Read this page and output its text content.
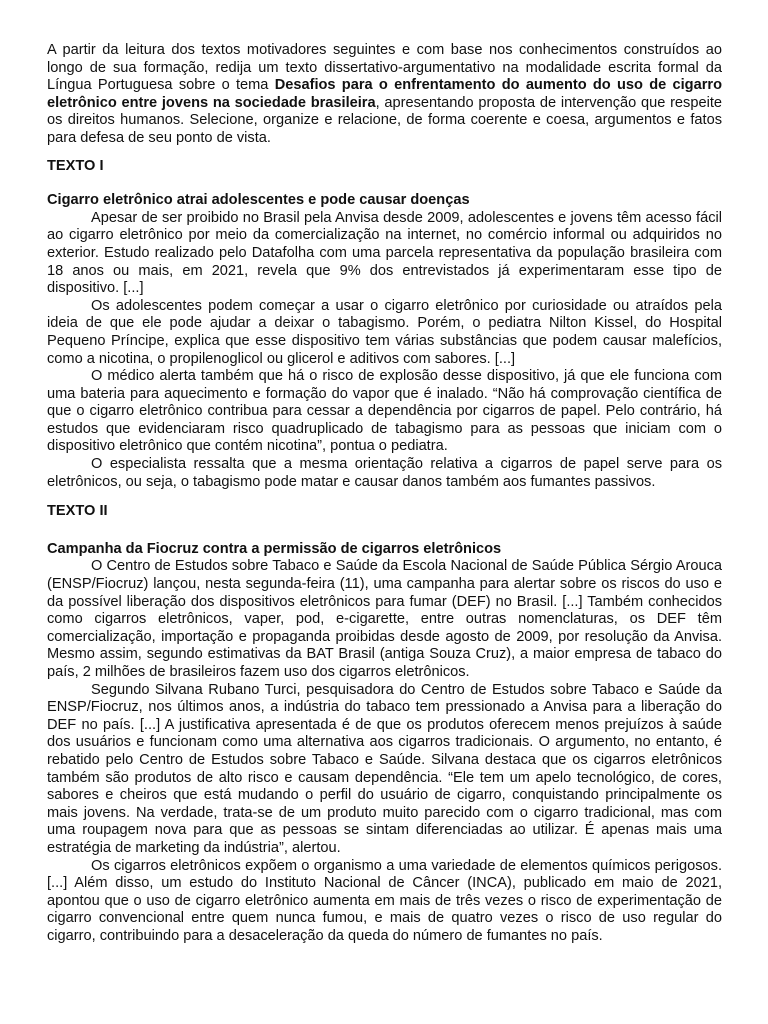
A partir da leitura dos textos motivadores seguintes e com base nos conhecimentos construídos ao longo de sua formação, redija um texto dissertativo-argumentativo na modalidade escrita formal da Língua Portuguesa sobre o tema Desafios para o enfrentamento do aumento do uso de cigarro eletrônico entre jovens na sociedade brasileira, apresentando proposta de intervenção que respeite os direitos humanos. Selecione, organize e relacione, de forma coerente e coesa, argumentos e fatos para defesa de seu ponto de vista.

TEXTO I

Cigarro eletrônico atrai adolescentes e pode causar doenças

Apesar de ser proibido no Brasil pela Anvisa desde 2009, adolescentes e jovens têm acesso fácil ao cigarro eletrônico por meio da comercialização na internet, no comércio informal ou adquiridos no exterior. Estudo realizado pelo Datafolha com uma parcela representativa da população brasileira com 18 anos ou mais, em 2021, revela que 9% dos entrevistados já experimentaram esse tipo de dispositivo. [...]

Os adolescentes podem começar a usar o cigarro eletrônico por curiosidade ou atraídos pela ideia de que ele pode ajudar a deixar o tabagismo. Porém, o pediatra Nilton Kissel, do Hospital Pequeno Príncipe, explica que esse dispositivo tem várias substâncias que podem causar malefícios, como a nicotina, o propilenoglicol ou glicerol e aditivos com sabores. [...]

O médico alerta também que há o risco de explosão desse dispositivo, já que ele funciona com uma bateria para aquecimento e formação do vapor que é inalado. “Não há comprovação científica de que o cigarro eletrônico contribua para cessar a dependência por cigarros de papel. Pelo contrário, há estudos que evidenciaram risco quadruplicado de tabagismo para as pessoas que iniciam com o dispositivo eletrônico que contém nicotina”, pontua o pediatra.

O especialista ressalta que a mesma orientação relativa a cigarros de papel serve para os eletrônicos, ou seja, o tabagismo pode matar e causar danos também aos fumantes passivos.

TEXTO II

Campanha da Fiocruz contra a permissão de cigarros eletrônicos

O Centro de Estudos sobre Tabaco e Saúde da Escola Nacional de Saúde Pública Sérgio Arouca (ENSP/Fiocruz) lançou, nesta segunda-feira (11), uma campanha para alertar sobre os riscos do uso e da possível liberação dos dispositivos eletrônicos para fumar (DEF) no Brasil. [...] Também conhecidos como cigarros eletrônicos, vaper, pod, e-cigarette, entre outras nomenclaturas, os DEF têm comercialização, importação e propaganda proibidas desde agosto de 2009, por resolução da Anvisa. Mesmo assim, segundo estimativas da BAT Brasil (antiga Souza Cruz), a maior empresa de tabaco do país, 2 milhões de brasileiros fazem uso dos cigarros eletrônicos.

Segundo Silvana Rubano Turci, pesquisadora do Centro de Estudos sobre Tabaco e Saúde da ENSP/Fiocruz, nos últimos anos, a indústria do tabaco tem pressionado a Anvisa para a liberação do DEF no país. [...] A justificativa apresentada é de que os produtos oferecem menos prejuízos à saúde dos usuários e funcionam como uma alternativa aos cigarros tradicionais. O argumento, no entanto, é rebatido pelo Centro de Estudos sobre Tabaco e Saúde. Silvana destaca que os cigarros eletrônicos também são produtos de alto risco e causam dependência. “Ele tem um apelo tecnológico, de cores, sabores e cheiros que está mudando o perfil do usuário de cigarro, conquistando principalmente os mais jovens. Na verdade, trata-se de um produto muito parecido com o cigarro tradicional, mas com uma roupagem nova para que as pessoas se sintam diferenciadas ao utilizar. É apenas mais uma estratégia de marketing da indústria”, alertou.

Os cigarros eletrônicos expõem o organismo a uma variedade de elementos químicos perigosos. [...] Além disso, um estudo do Instituto Nacional de Câncer (INCA), publicado em maio de 2021, apontou que o uso de cigarro eletrônico aumenta em mais de três vezes o risco de experimentação de cigarro convencional entre quem nunca fumou, e mais de quatro vezes o risco de uso regular do cigarro, contribuindo para a desaceleração da queda do número de fumantes no país.
